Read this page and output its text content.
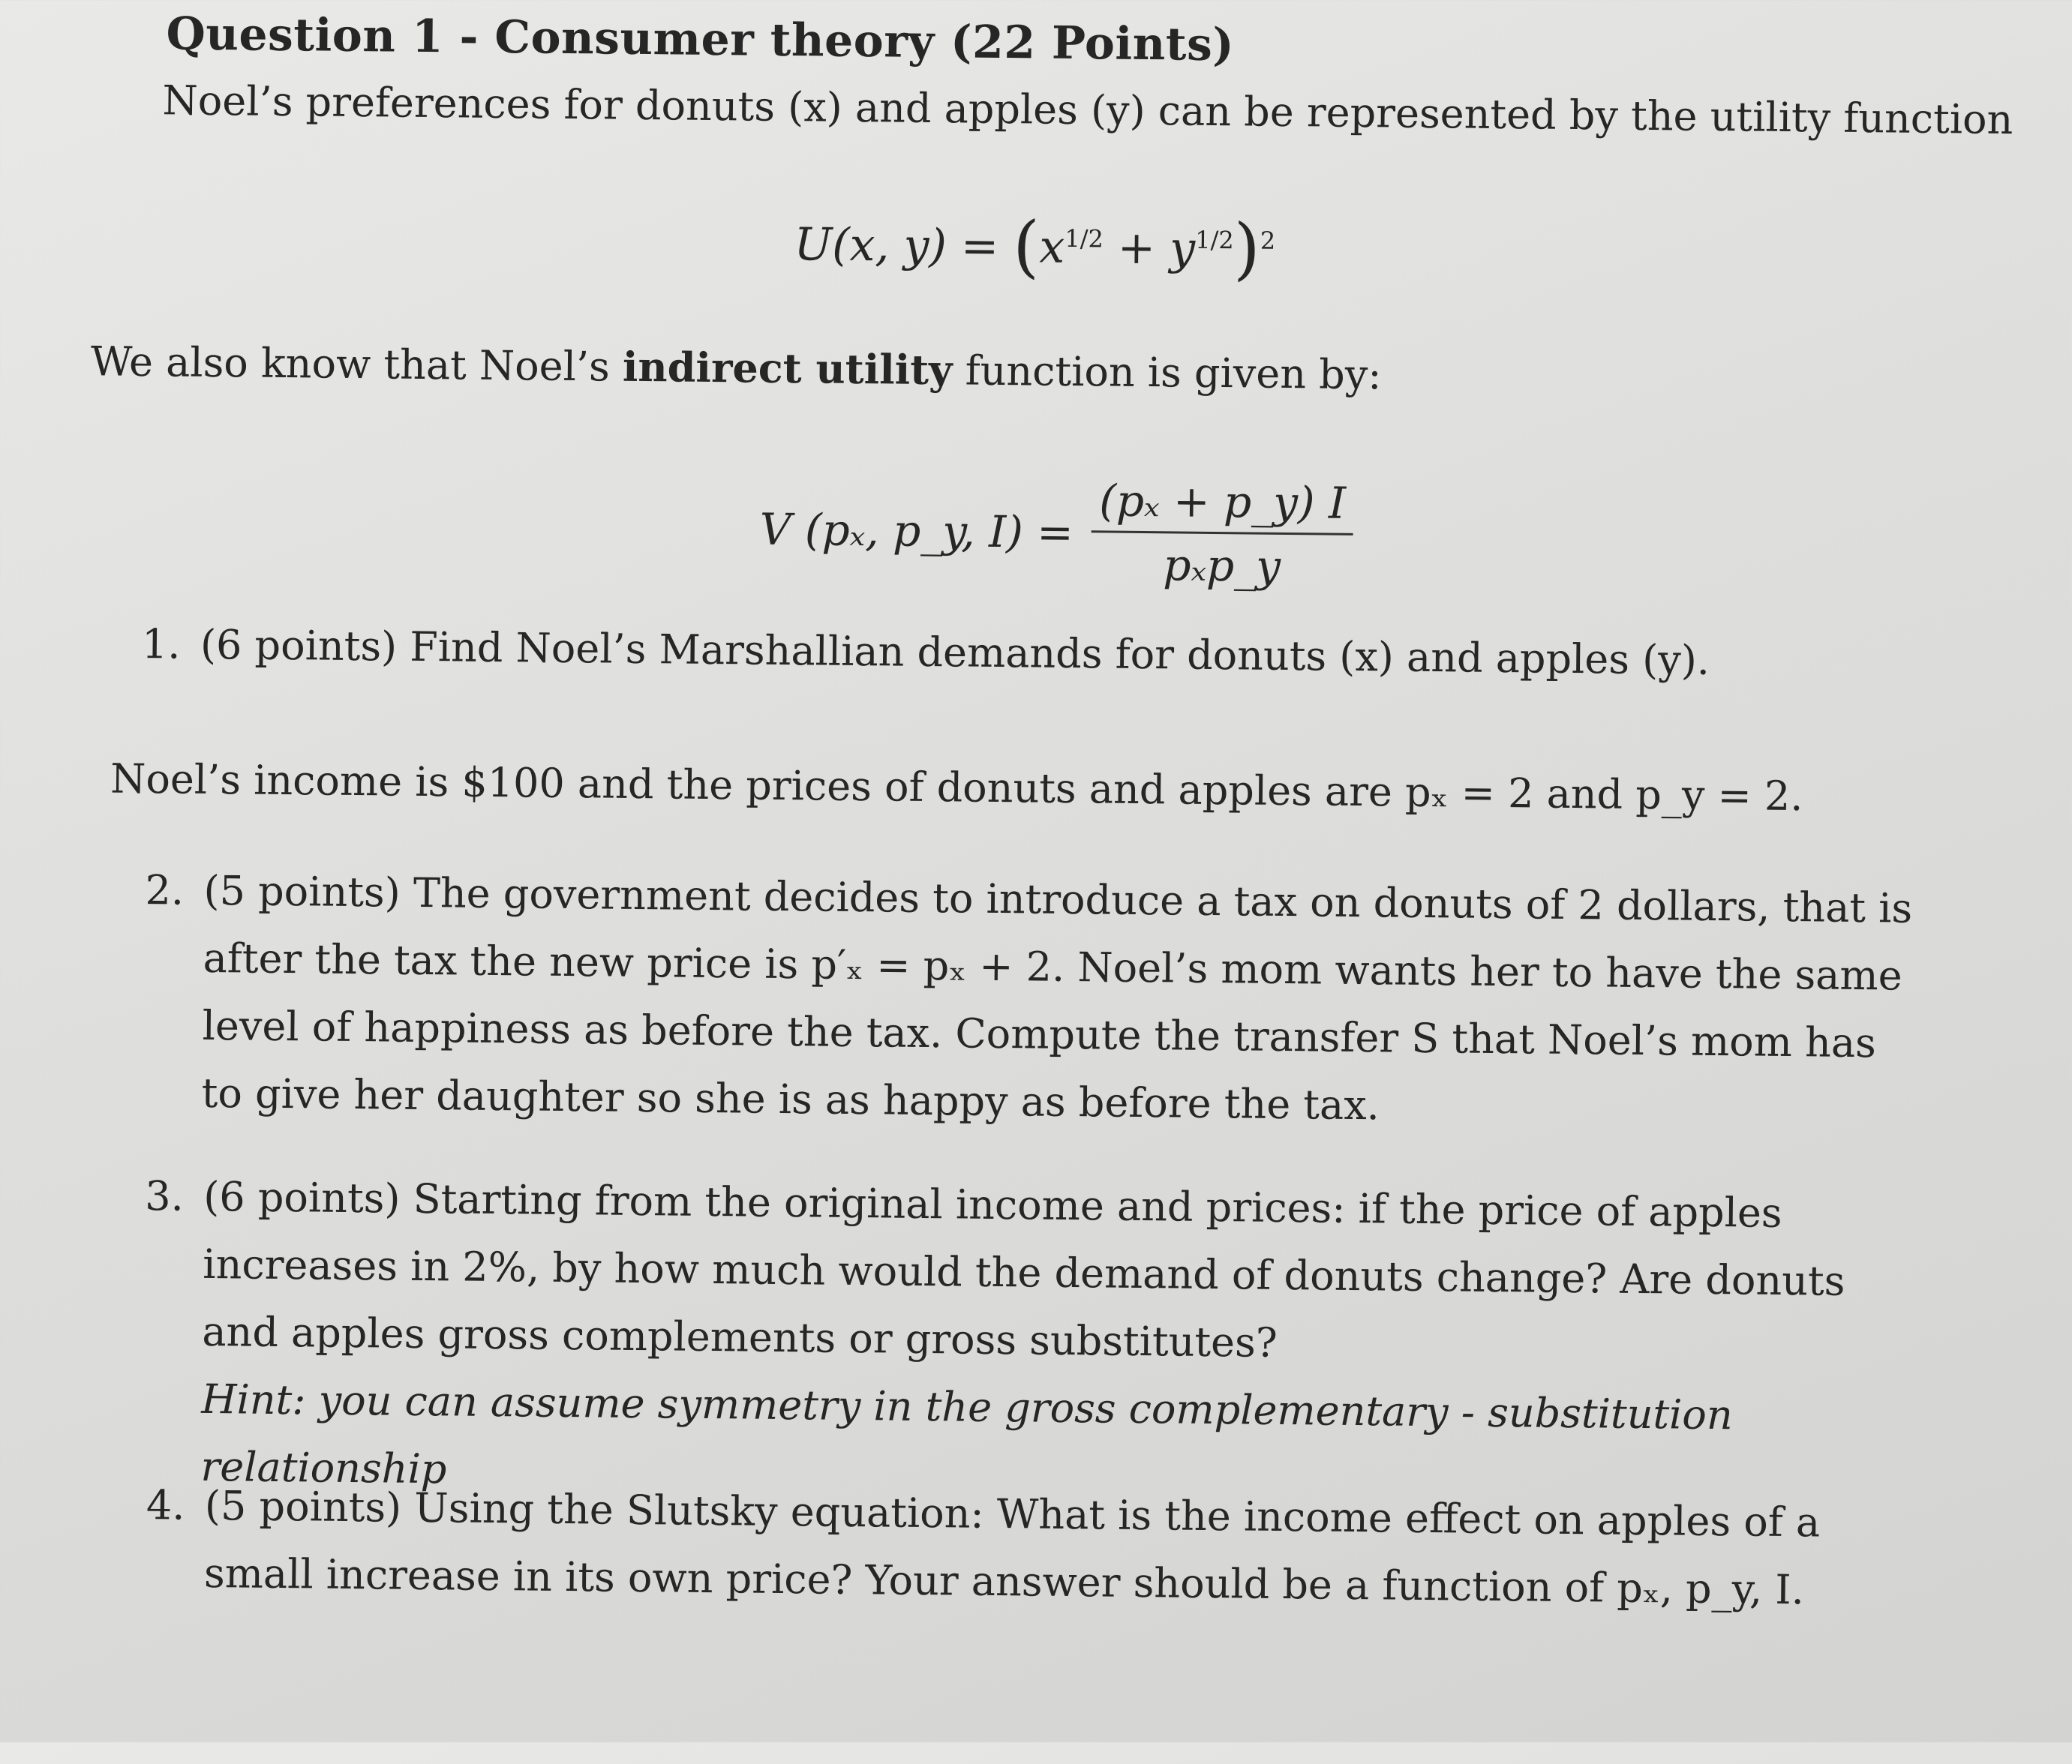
Question 1 - Consumer theory (22 Points)
Noel’s preferences for donuts (x) and apples (y) can be represented by the utility function
U(x, $y) = (x^{1/2} + y^{1/2})^2$
We also know that Noel’s indirect utility function is given by:
V (pₓ, p_y, $I) = \frac{\text{(pₓ + p\_y) I}}{\text{pₓp\_y}}$
1. (6 points) Find Noel’s Marshallian demands for donuts (x) and apples (y).
Noel’s income is $100 and the prices of donuts and apples are pₓ = 2 and p_y = 2.
2. (5 points) The government decides to introduce a tax on donuts of 2 dollars, that is after the tax the new price is p′ₓ = pₓ + 2. Noel’s mom wants her to have the same level of happiness as before the tax. Compute the transfer S that Noel’s mom has to give her daughter so she is as happy as before the tax.
3. (6 points) Starting from the original income and prices: if the price of apples increases in 2%, by how much would the demand of donuts change? Are donuts and apples gross complements or gross substitutes?
Hint: you can assume symmetry in the gross complementary - substitution relationship
4. (5 points) Using the Slutsky equation: What is the income effect on apples of a small increase in its own price? Your answer should be a function of pₓ, p_y, I.
